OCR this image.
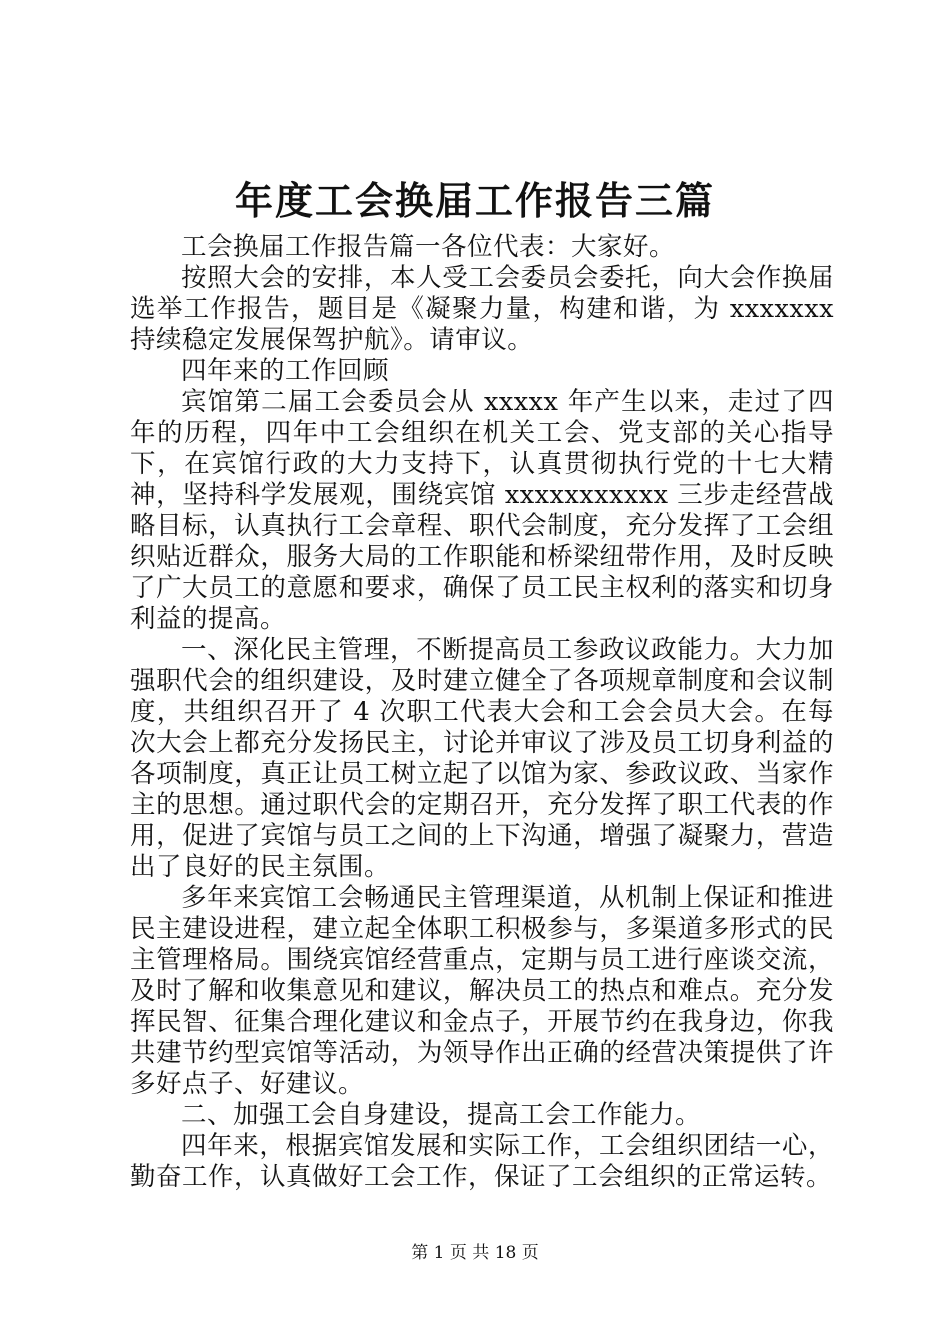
年度工会换届工作报告三篇

工会换届工作报告篇一各位代表：大家好。

按照大会的安排，本人受工会委员会委托，向大会作换届选举工作报告，题目是《凝聚力量，构建和谐，为 xxxxxxx 持续稳定发展保驾护航》。请审议。

四年来的工作回顾

宾馆第二届工会委员会从 xxxxx 年产生以来，走过了四年的历程，四年中工会组织在机关工会、党支部的关心指导下，在宾馆行政的大力支持下，认真贯彻执行党的十七大精神，坚持科学发展观，围绕宾馆 xxxxxxxxxxx 三步走经营战略目标，认真执行工会章程、职代会制度，充分发挥了工会组织贴近群众，服务大局的工作职能和桥梁纽带作用，及时反映了广大员工的意愿和要求，确保了员工民主权利的落实和切身利益的提高。

一、深化民主管理，不断提高员工参政议政能力。大力加强职代会的组织建设，及时建立健全了各项规章制度和会议制度，共组织召开了 4 次职工代表大会和工会会员大会。在每次大会上都充分发扬民主，讨论并审议了涉及员工切身利益的各项制度，真正让员工树立起了以馆为家、参政议政、当家作主的思想。通过职代会的定期召开，充分发挥了职工代表的作用，促进了宾馆与员工之间的上下沟通，增强了凝聚力，营造出了良好的民主氛围。

多年来宾馆工会畅通民主管理渠道，从机制上保证和推进民主建设进程，建立起全体职工积极参与，多渠道多形式的民主管理格局。围绕宾馆经营重点，定期与员工进行座谈交流，及时了解和收集意见和建议，解决员工的热点和难点。充分发挥民智、征集合理化建议和金点子，开展节约在我身边，你我共建节约型宾馆等活动，为领导作出正确的经营决策提供了许多好点子、好建议。

二、加强工会自身建设，提高工会工作能力。

四年来，根据宾馆发展和实际工作，工会组织团结一心，勤奋工作，认真做好工会工作，保证了工会组织的正常运转。

第 1 页 共 18 页
